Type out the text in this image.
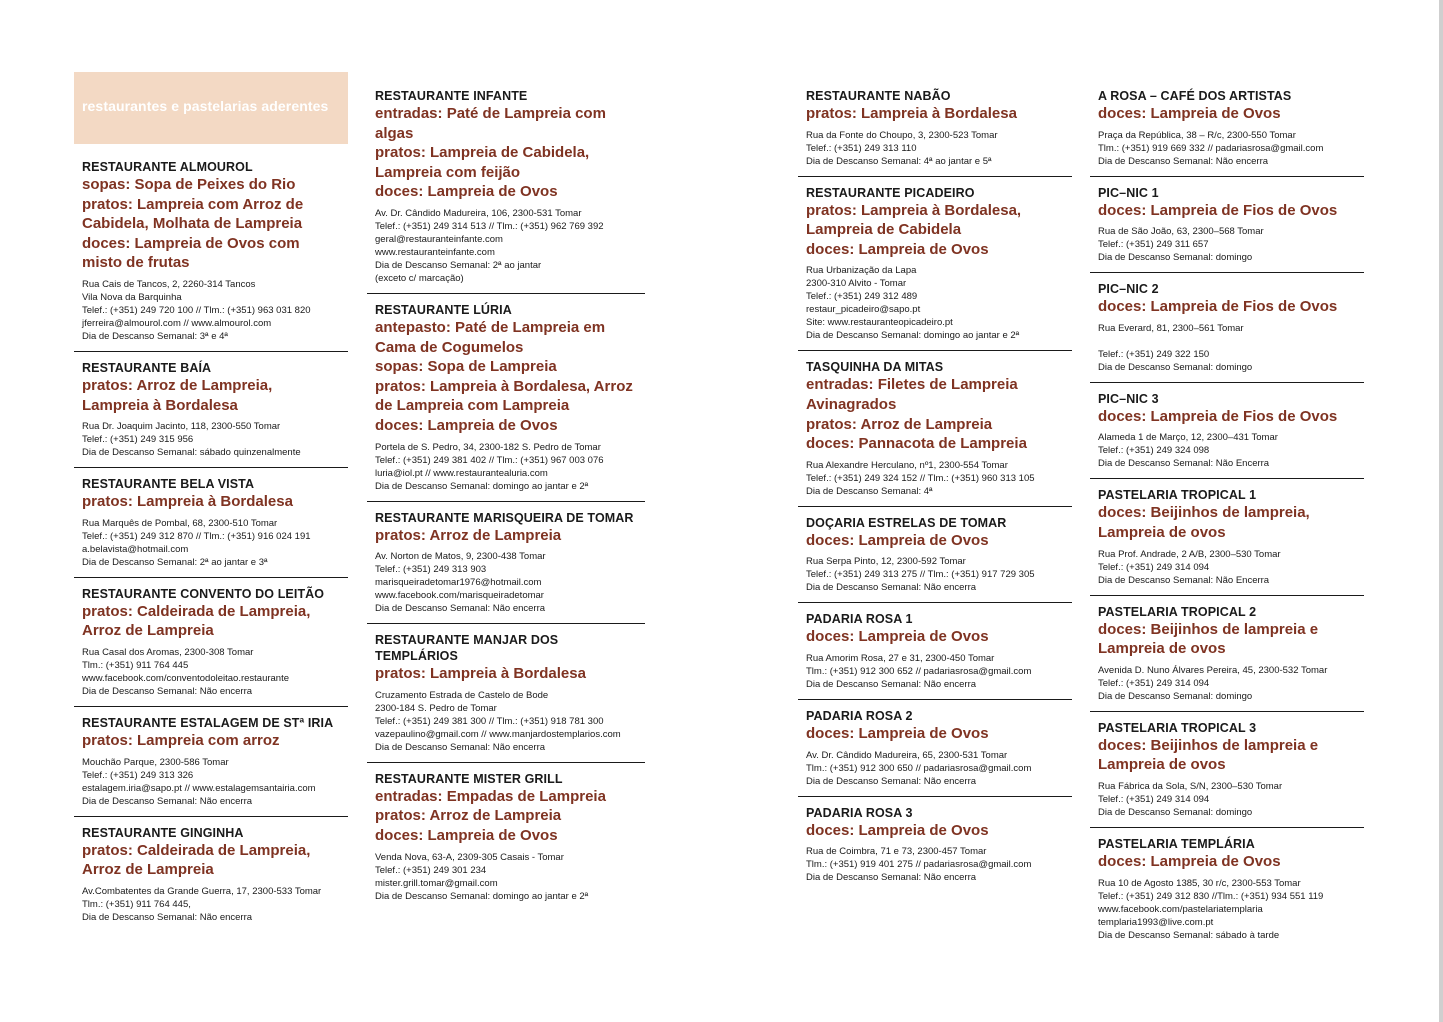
restaurantes e pastelarias aderentes
RESTAURANTE ALMOUROL
sopas: Sopa de Peixes do Rio
pratos: Lampreia com Arroz de Cabidela, Molhata de Lampreia
doces: Lampreia de Ovos com misto de frutas
Rua Cais de Tancos, 2, 2260-314 Tancos
Vila Nova da Barquinha
Telef.: (+351) 249 720 100 // Tlm.: (+351) 963 031 820
jferreira@almourol.com // www.almourol.com
Dia de Descanso Semanal: 3ª e 4ª
RESTAURANTE BAÍA
pratos: Arroz de Lampreia, Lampreia à Bordalesa
Rua Dr. Joaquim Jacinto, 118, 2300-550 Tomar
Telef.: (+351) 249 315 956
Dia de Descanso Semanal: sábado quinzenalmente
RESTAURANTE BELA VISTA
pratos: Lampreia à Bordalesa
Rua Marquês de Pombal, 68, 2300-510 Tomar
Telef.: (+351) 249 312 870 // Tlm.: (+351) 916 024 191
a.belavista@hotmail.com
Dia de Descanso Semanal: 2ª ao jantar e 3ª
RESTAURANTE CONVENTO DO LEITÃO
pratos: Caldeirada de Lampreia, Arroz de Lampreia
Rua Casal dos Aromas, 2300-308 Tomar
Tlm.: (+351) 911 764 445
www.facebook.com/conventodoleitao.restaurante
Dia de Descanso Semanal: Não encerra
RESTAURANTE ESTALAGEM DE STª IRIA
pratos: Lampreia com arroz
Mouchão Parque, 2300-586 Tomar
Telef.: (+351) 249 313 326
estalagem.iria@sapo.pt // www.estalagemsantairia.com
Dia de Descanso Semanal: Não encerra
RESTAURANTE GINGINHA
pratos: Caldeirada de Lampreia, Arroz de Lampreia
Av.Combatentes da Grande Guerra, 17, 2300-533 Tomar
Tlm.: (+351) 911 764 445,
Dia de Descanso Semanal: Não encerra
RESTAURANTE INFANTE
entradas: Paté de Lampreia com algas
pratos: Lampreia de Cabidela, Lampreia com feijão
doces: Lampreia de Ovos
Av. Dr. Cândido Madureira, 106, 2300-531 Tomar
Telef.: (+351) 249 314 513 // Tlm.: (+351) 962 769 392
geral@restauranteinfante.com
www.restauranteinfante.com
Dia de Descanso Semanal: 2ª ao jantar
(exceto c/ marcação)
RESTAURANTE LÚRIA
antepasto: Paté de Lampreia em Cama de Cogumelos
sopas: Sopa de Lampreia
pratos: Lampreia à Bordalesa, Arroz de Lampreia com Lampreia
doces: Lampreia de Ovos
Portela de S. Pedro, 34, 2300-182 S. Pedro de Tomar
Telef.: (+351) 249 381 402 // Tlm.: (+351) 967 003 076
luria@iol.pt // www.restaurantealuria.com
Dia de Descanso Semanal: domingo ao jantar e 2ª
RESTAURANTE MARISQUEIRA DE TOMAR
pratos: Arroz de Lampreia
Av. Norton de Matos, 9, 2300-438 Tomar
Telef.: (+351) 249 313 903
marisqueiradetomar1976@hotmail.com
www.facebook.com/marisqueiradetomar
Dia de Descanso Semanal: Não encerra
RESTAURANTE MANJAR DOS TEMPLÁRIOS
pratos: Lampreia à Bordalesa
Cruzamento Estrada de Castelo de Bode
2300-184 S. Pedro de Tomar
Telef.: (+351) 249 381 300 // Tlm.: (+351) 918 781 300
vazepaulino@gmail.com // www.manjardostemplarios.com
Dia de Descanso Semanal: Não encerra
RESTAURANTE MISTER GRILL
entradas: Empadas de Lampreia
pratos: Arroz de Lampreia
doces: Lampreia de Ovos
Venda Nova, 63-A, 2309-305 Casais - Tomar
Telef.: (+351) 249 301 234
mister.grill.tomar@gmail.com
Dia de Descanso Semanal: domingo ao jantar e 2ª
RESTAURANTE NABÃO
pratos: Lampreia à Bordalesa
Rua da Fonte do Choupo, 3, 2300-523 Tomar
Telef.: (+351) 249 313 110
Dia de Descanso Semanal: 4ª ao jantar e 5ª
RESTAURANTE PICADEIRO
pratos: Lampreia à Bordalesa, Lampreia de Cabidela
doces: Lampreia de Ovos
Rua Urbanização da Lapa
2300-310 Alvito - Tomar
Telef.: (+351) 249 312 489
restaur_picadeiro@sapo.pt
Site: www.restauranteopicadeiro.pt
Dia de Descanso Semanal: domingo ao jantar e 2ª
TASQUINHA DA MITAS
entradas: Filetes de Lampreia Avinagrados
pratos: Arroz de Lampreia
doces: Pannacota de Lampreia
Rua Alexandre Herculano, nº1, 2300-554 Tomar
Telef.: (+351) 249 324 152 // Tlm.: (+351) 960 313 105
Dia de Descanso Semanal: 4ª
DOÇARIA ESTRELAS DE TOMAR
doces: Lampreia de Ovos
Rua Serpa Pinto, 12, 2300-592 Tomar
Telef.: (+351) 249 313 275 // Tlm.: (+351) 917 729 305
Dia de Descanso Semanal: Não encerra
PADARIA ROSA 1
doces: Lampreia de Ovos
Rua Amorim Rosa, 27 e 31, 2300-450 Tomar
Tlm.: (+351) 912 300 652 // padariasrosa@gmail.com
Dia de Descanso Semanal: Não encerra
PADARIA ROSA 2
doces: Lampreia de Ovos
Av. Dr. Cândido Madureira, 65, 2300-531 Tomar
Tlm.: (+351) 912 300 650 // padariasrosa@gmail.com
Dia de Descanso Semanal: Não encerra
PADARIA ROSA 3
doces: Lampreia de Ovos
Rua de Coimbra, 71 e 73, 2300-457 Tomar
Tlm.: (+351) 919 401 275 // padariasrosa@gmail.com
Dia de Descanso Semanal: Não encerra
A ROSA – CAFÉ DOS ARTISTAS
doces: Lampreia de Ovos
Praça da República, 38 – R/c, 2300-550 Tomar
Tlm.: (+351) 919 669 332 // padariasrosa@gmail.com
Dia de Descanso Semanal: Não encerra
PIC–NIC 1
doces: Lampreia de Fios de Ovos
Rua de São João, 63, 2300–568 Tomar
Telef.: (+351) 249 311 657
Dia de Descanso Semanal: domingo
PIC–NIC 2
doces: Lampreia de Fios de Ovos
Rua Everard, 81, 2300–561 Tomar

Telef.: (+351) 249 322 150
Dia de Descanso Semanal: domingo
PIC–NIC 3
doces: Lampreia de Fios de Ovos
Alameda 1 de Março, 12, 2300–431 Tomar
Telef.: (+351) 249 324 098
Dia de Descanso Semanal: Não Encerra
PASTELARIA TROPICAL 1
doces: Beijinhos de lampreia, Lampreia de ovos
Rua Prof. Andrade, 2 A/B, 2300–530 Tomar
Telef.: (+351) 249 314 094
Dia de Descanso Semanal: Não Encerra
PASTELARIA TROPICAL 2
doces: Beijinhos de lampreia e Lampreia de ovos
Avenida D. Nuno Álvares Pereira, 45, 2300-532 Tomar
Telef.: (+351) 249 314 094
Dia de Descanso Semanal: domingo
PASTELARIA TROPICAL 3
doces: Beijinhos de lampreia e Lampreia de ovos
Rua Fábrica da Sola, S/N, 2300–530 Tomar
Telef.: (+351) 249 314 094
Dia de Descanso Semanal: domingo
PASTELARIA TEMPLÁRIA
doces: Lampreia de Ovos
Rua 10 de Agosto 1385, 30 r/c, 2300-553 Tomar
Telef.: (+351) 249 312 830 //Tlm.: (+351) 934 551 119
www.facebook.com/pastelariatemplaria
templaria1993@live.com.pt
Dia de Descanso Semanal: sábado à tarde
